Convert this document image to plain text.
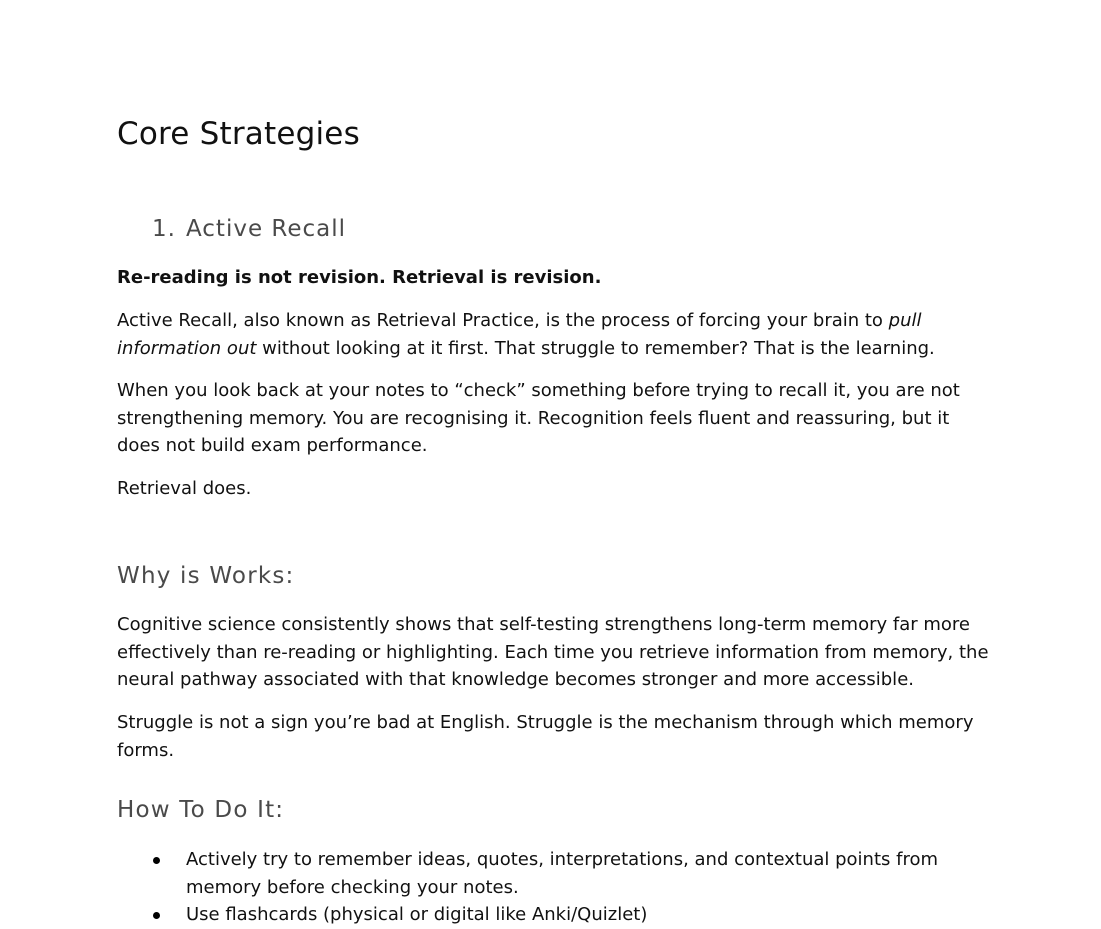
Core Strategies
1. Active Recall

Re-reading is not revision. Retrieval is revision.

Active Recall, also known as Retrieval Practice, is the process of forcing your brain to pull information out without looking at it first. That struggle to remember? That is the learning.

When you look back at your notes to “check” something before trying to recall it, you are not strengthening memory. You are recognising it. Recognition feels fluent and reassuring, but it does not build exam performance.

Retrieval does.

Why is Works:

Cognitive science consistently shows that self-testing strengthens long-term memory far more effectively than re-reading or highlighting. Each time you retrieve information from memory, the neural pathway associated with that knowledge becomes stronger and more accessible.

Struggle is not a sign you’re bad at English. Struggle is the mechanism through which memory forms.

How To Do It:
Actively try to remember ideas, quotes, interpretations, and contextual points from memory before checking your notes.
Use flashcards (physical or digital like Anki/Quizlet)
